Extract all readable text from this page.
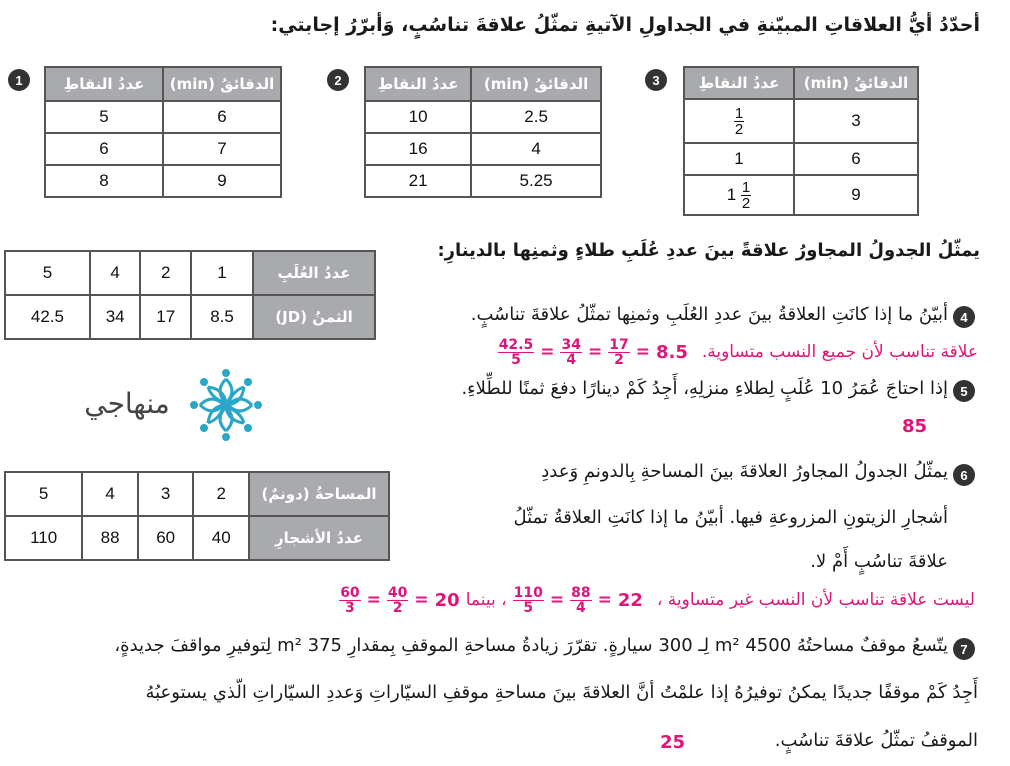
أحدّدُ أيُّ العلاقاتِ المبيّنةِ في الجداولِ الآتيةِ تمثّلُ علاقةَ تناسُبٍ، وَأبرّرُ إجابتي:
1	الدقائقُ (min)	عددُ النقاطِ
6	5
7	6
9	8
2	الدقائقُ (min)	عددُ النقاطِ
2.5	10
4	16
5.25	21
3	الدقائقُ (min)	عددُ النقاطِ
3	$\frac{1}{2}$

6	1
9	$1 \frac{1}{2}$
عددُ العُلَبِ	1	2	4	5
الثمنُ (JD)	8.5	17	34	42.5
يمثّلُ الجدولُ المجاورُ علاقةً بينَ عددِ عُلَبِ طلاءٍ وثمنِها بالدينارِ:
4
أبيّنُ ما إذا كانَتِ العلاقةُ بينَ عددِ العُلَبِ وثمنِها تمثّلُ علاقةَ تناسُبٍ.
$\frac{42.5}{5} = \frac{34}{4} = \frac{17}{2} = 8.5$ علاقة تناسب لأن جميع النسب متساوية.
5
إذا احتاجَ عُمَرُ 10 عُلَبٍ لِطلاءِ منزلِهِ، أَجِدُ كَمْ دينارًا دفعَ ثمنًا للطِّلاءِ.
85
منهاجي
المساحةُ (دونمٌ)	2	3	4	5
عددُ الأشجارِ	40	60	88	110
6
يمثّلُ الجدولُ المجاورُ العلاقةَ بينَ المساحةِ بِالدونمِ وَعددِ
أشجارِ الزيتونِ المزروعةِ فيها. أبيّنُ ما إذا كانَتِ العلاقةُ تمثّلُ
علاقةَ تناسُبٍ أَمْ لا.
$\frac{60}{3} = \frac{40}{2} = 20$ ، بينما $\frac{110}{5} = \frac{88}{4} = 22$ ليست علاقة تناسب لأن النسب غير متساوية ،
7
يتّسعُ موقفٌ مساحتُهُ 4500 m² لِـ 300 سيارةٍ. تقرّرَ زيادةُ مساحةِ الموقفِ بِمقدارِ 375 m² لِتوفيرِ مواقفَ جديدةٍ،
أَجِدُ كَمْ موقفًا جديدًا يمكنُ توفيرُهُ إذا علمْتُ أنَّ العلاقةَ بينَ مساحةِ موقفِ السيّاراتِ وَعددِ السيّاراتِ الّذي يستوعبُهُ
الموقفُ تمثّلُ علاقةَ تناسُبٍ.
25
